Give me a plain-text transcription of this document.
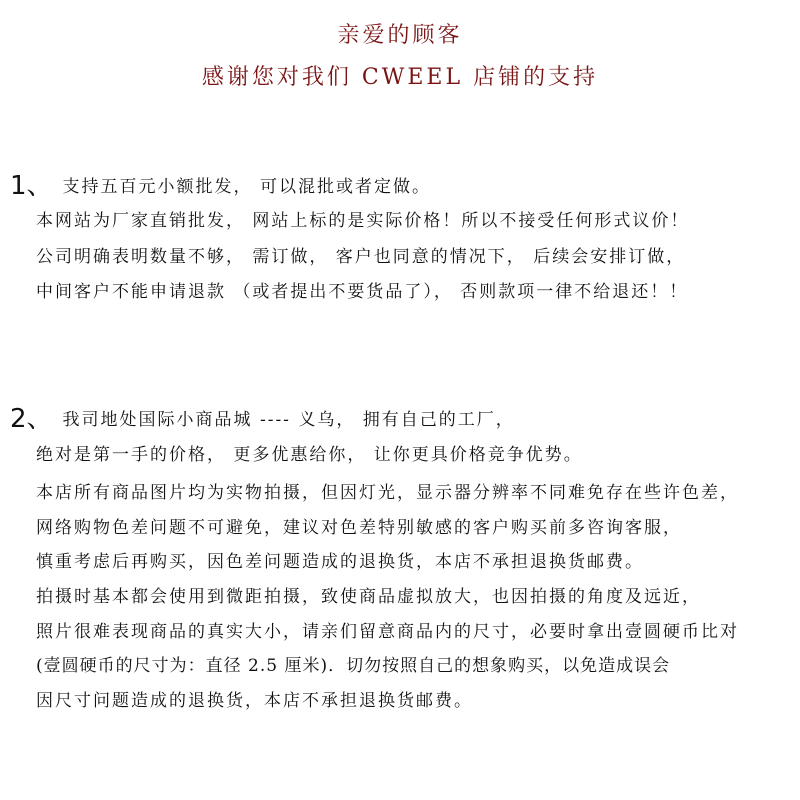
亲爱的顾客
感谢您对我们 CWEEL 店铺的支持
1、 支持五百元小额批发， 可以混批或者定做。
本网站为厂家直销批发， 网站上标的是实际价格！所以不接受任何形式议价！
公司明确表明数量不够， 需订做， 客户也同意的情况下， 后续会安排订做，
中间客户不能申请退款 （或者提出不要货品了）， 否则款项一律不给退还！！
2、 我司地处国际小商品城 ---- 义乌， 拥有自己的工厂，
绝对是第一手的价格， 更多优惠给你， 让你更具价格竞争优势。
本店所有商品图片均为实物拍摄，但因灯光，显示器分辨率不同难免存在些许色差，
网络购物色差问题不可避免，建议对色差特别敏感的客户购买前多咨询客服，
慎重考虑后再购买，因色差问题造成的退换货，本店不承担退换货邮费。
拍摄时基本都会使用到微距拍摄，致使商品虚拟放大，也因拍摄的角度及远近，
照片很难表现商品的真实大小，请亲们留意商品内的尺寸，必要时拿出壹圆硬币比对
(壹圆硬币的尺寸为：直径 2.5 厘米)．切勿按照自己的想象购买，以免造成误会
因尺寸问题造成的退换货，本店不承担退换货邮费。
